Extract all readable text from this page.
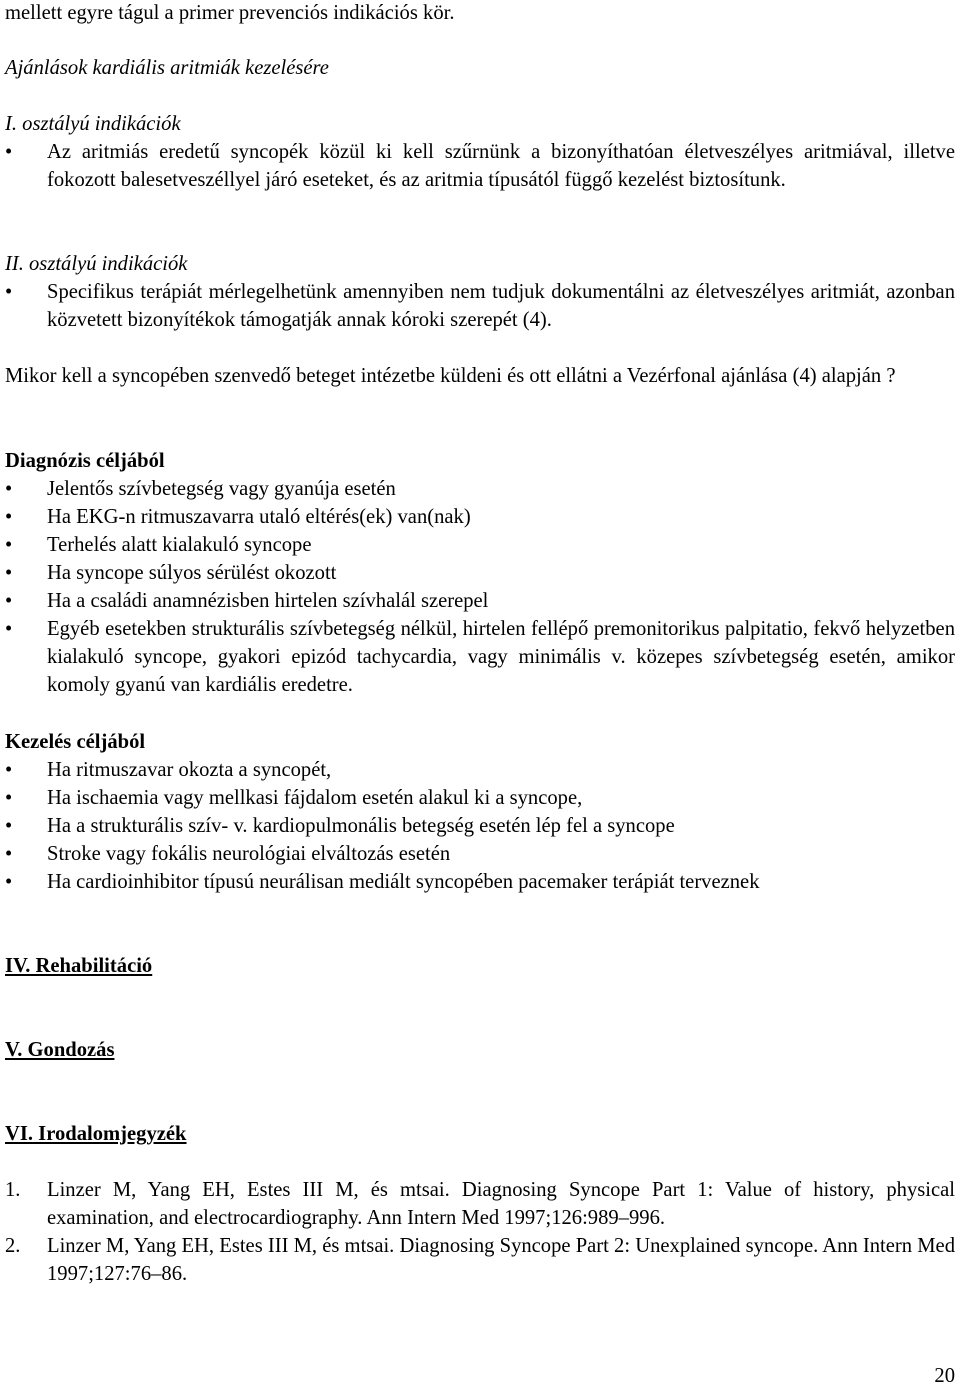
mellett egyre tágul a primer prevenciós indikációs kör.

Ajánlások kardiális aritmiák kezelésére

I. osztályú indikációk

• Az aritmiás eredetű syncopék közül ki kell szűrnünk a bizonyíthatóan életveszélyes aritmiával, illetve fokozott balesetveszéllyel járó eseteket, és az aritmia típusától függő kezelést biztosítunk.

II. osztályú indikációk

• Specifikus terápiát mérlegelhetünk amennyiben nem tudjuk dokumentálni az életveszélyes aritmiát, azonban közvetett bizonyítékok támogatják annak kóroki szerepét (4).

Mikor kell a syncopében szenvedő beteget intézetbe küldeni és ott ellátni a Vezérfonal ajánlása (4) alapján ?

Diagnózis céljából

• Jelentős szívbetegség vagy gyanúja esetén
• Ha EKG-n ritmuszavarra utaló eltérés(ek) van(nak)
• Terhelés alatt kialakuló syncope
• Ha syncope súlyos sérülést okozott
• Ha a családi anamnézisben hirtelen szívhalál szerepel
• Egyéb esetekben strukturális szívbetegség nélkül, hirtelen fellépő premonitorikus palpitatio, fekvő helyzetben kialakuló syncope, gyakori epizód tachycardia, vagy minimális v. közepes szívbetegség esetén, amikor komoly gyanú van kardiális eredetre.

Kezelés céljából

• Ha ritmuszavar okozta a syncopét,
• Ha ischaemia vagy mellkasi fájdalom esetén alakul ki a syncope,
• Ha a strukturális szív- v. kardiopulmonális betegség esetén lép fel a syncope
• Stroke vagy fokális neurológiai elváltozás esetén
• Ha cardioinhibitor típusú neurálisan mediált syncopében pacemaker terápiát terveznek

IV. Rehabilitáció

V. Gondozás

VI. Irodalomjegyzék

1. Linzer M, Yang EH, Estes III M, és mtsai. Diagnosing Syncope Part 1: Value of history, physical examination, and electrocardiography. Ann Intern Med 1997;126:989–996.
2. Linzer M, Yang EH, Estes III M, és mtsai. Diagnosing Syncope Part 2: Unexplained syncope. Ann Intern Med 1997;127:76–86.

20
